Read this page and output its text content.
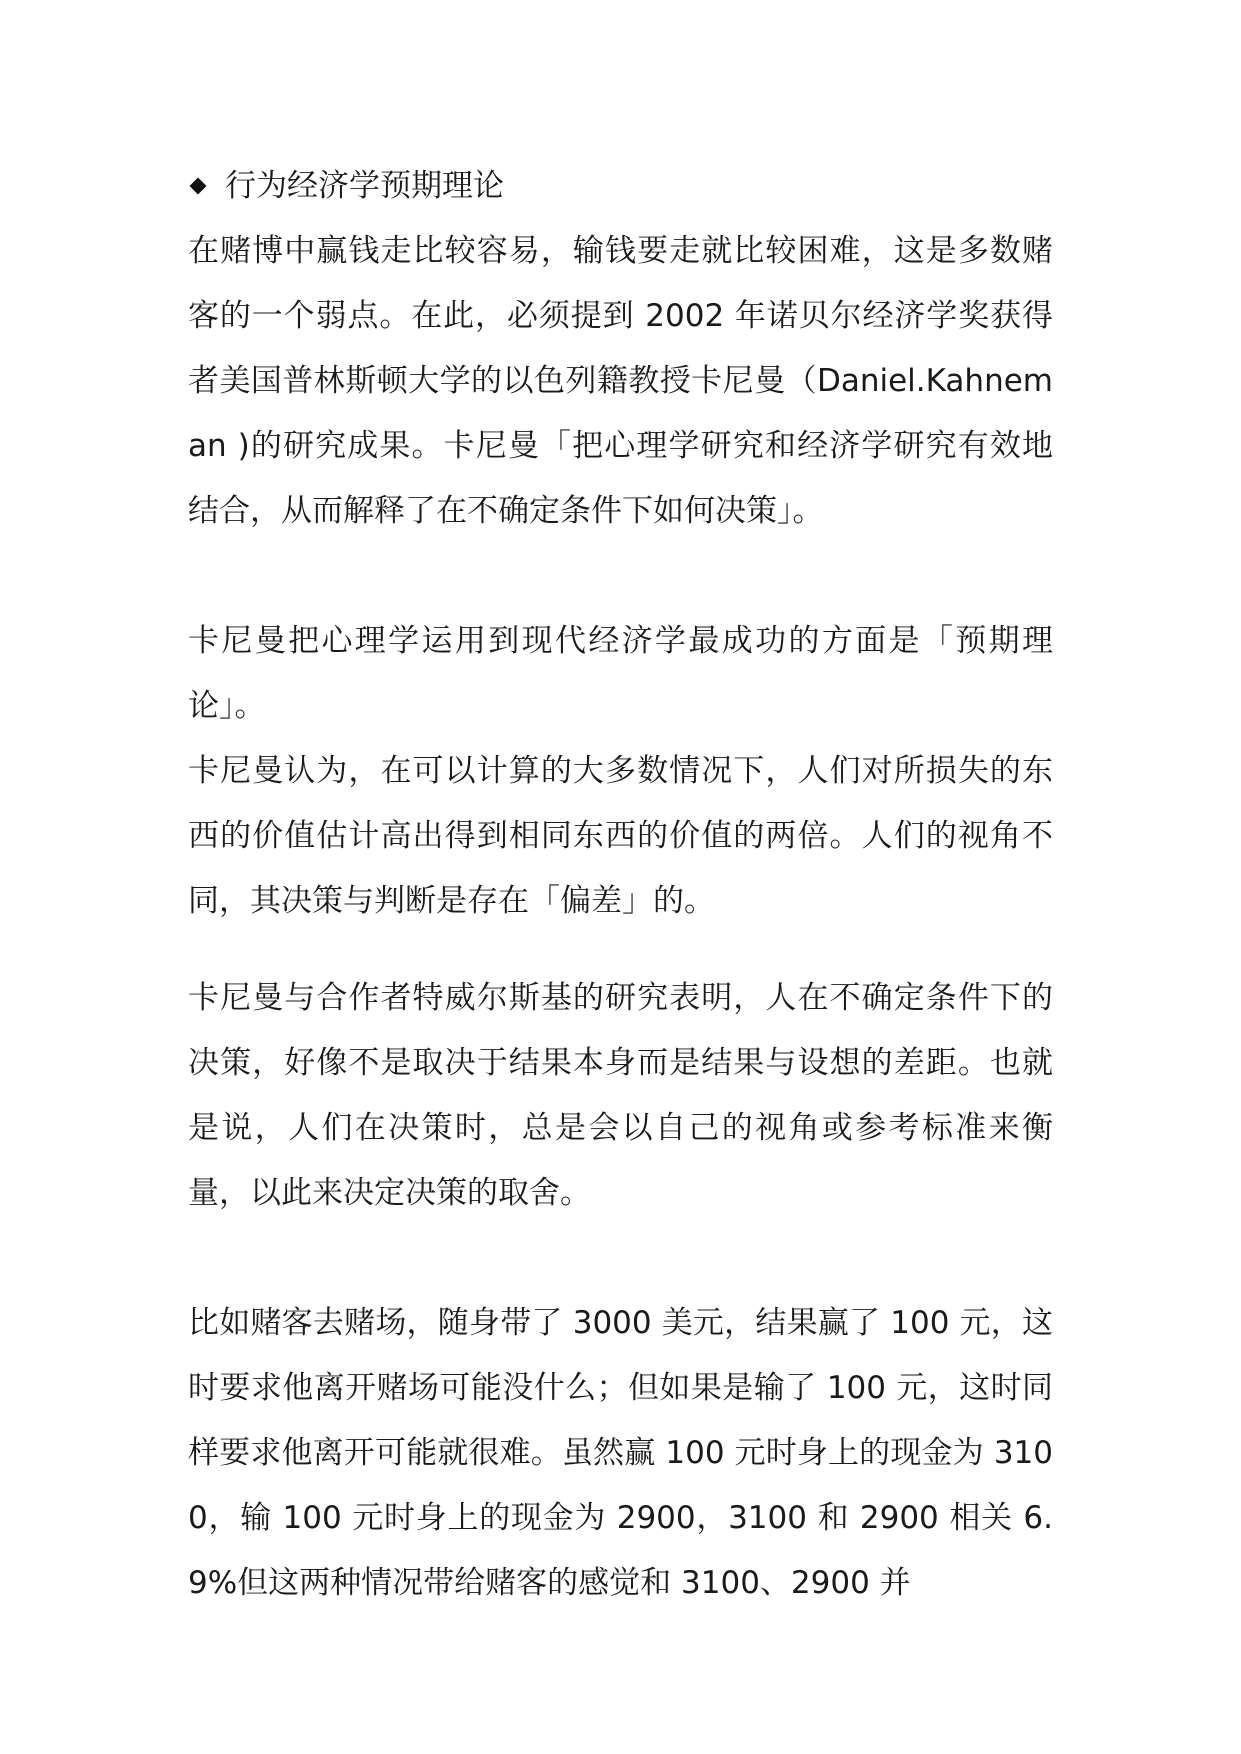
行为经济学预期理论

在赌博中赢钱走比较容易，输钱要走就比较困难，这是多数赌客的一个弱点。在此，必须提到 2002 年诺贝尔经济学奖获得者美国普林斯顿大学的以色列籍教授卡尼曼（Daniel.Kahneman )的研究成果。卡尼曼「把心理学研究和经济学研究有效地结合，从而解释了在不确定条件下如何决策」。

卡尼曼把心理学运用到现代经济学最成功的方面是「预期理论」。

卡尼曼认为，在可以计算的大多数情况下，人们对所损失的东西的价值估计高出得到相同东西的价值的两倍。人们的视角不同，其决策与判断是存在「偏差」的。

卡尼曼与合作者特威尔斯基的研究表明，人在不确定条件下的决策，好像不是取决于结果本身而是结果与设想的差距。也就是说，人们在决策时，总是会以自己的视角或参考标准来衡量，以此来决定决策的取舍。

比如赌客去赌场，随身带了 3000 美元，结果赢了 100 元，这时要求他离开赌场可能没什么；但如果是输了 100 元，这时同样要求他离开可能就很难。虽然赢 100 元时身上的现金为 3100，输 100 元时身上的现金为 2900，3100 和 2900 相关 6.9%但这两种情况带给赌客的感觉和 3100、2900 并
